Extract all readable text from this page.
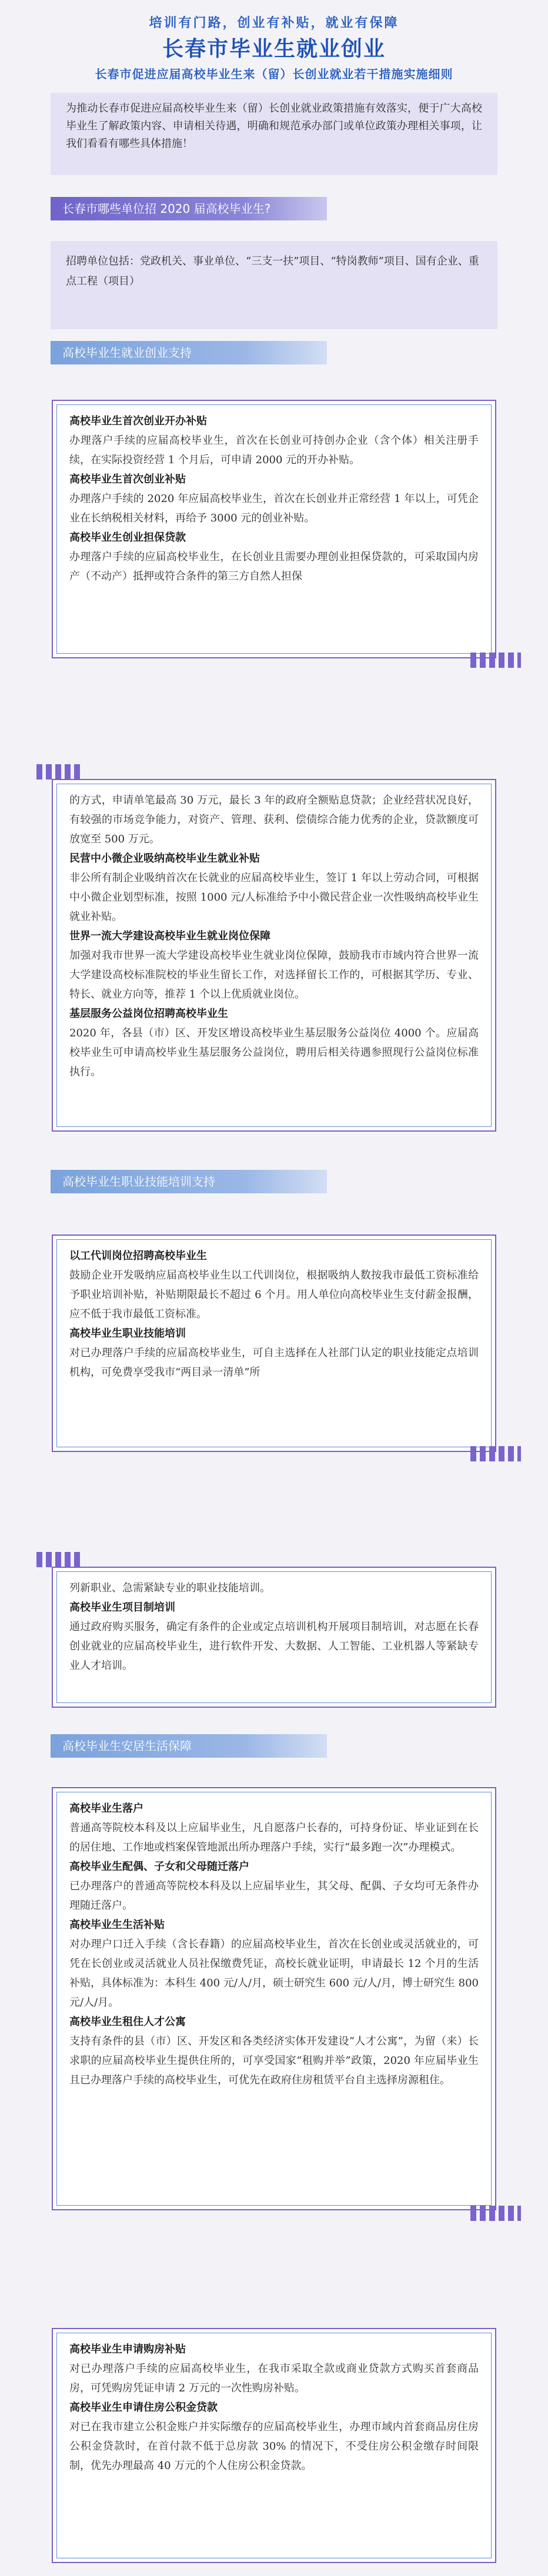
培训有门路，创业有补贴，就业有保障
长春市毕业生就业创业
长春市促进应届高校毕业生来（留）长创业就业若干措施实施细则
为推动长春市促进应届高校毕业生来（留）长创业就业政策措施有效落实，便于广大高校毕业生了解政策内容、申请相关待遇，明确和规范承办部门或单位政策办理相关事项，让我们看看有哪些具体措施！
长春市哪些单位招 2020 届高校毕业生?
招聘单位包括：党政机关、事业单位、“三支一扶”项目、“特岗教师”项目、国有企业、重点工程（项目）
高校毕业生就业创业支持
高校毕业生首次创业开办补贴
办理落户手续的应届高校毕业生，首次在长创业可持创办企业（含个体）相关注册手续，在实际投资经营 1 个月后，可申请 2000 元的开办补贴。
高校毕业生首次创业补贴
办理落户手续的 2020 年应届高校毕业生，首次在长创业并正常经营 1 年以上，可凭企业在长纳税相关材料，再给予 3000 元的创业补贴。
高校毕业生创业担保贷款
办理落户手续的应届高校毕业生，在长创业且需要办理创业担保贷款的，可采取国内房产（不动产）抵押或符合条件的第三方自然人担保
的方式，申请单笔最高 30 万元，最长 3 年的政府全额贴息贷款；企业经营状况良好，有较强的市场竞争能力，对资产、管理、获利、偿债综合能力优秀的企业，贷款额度可放宽至 500 万元。
民营中小微企业吸纳高校毕业生就业补贴
非公所有制企业吸纳首次在长就业的应届高校毕业生，签订 1 年以上劳动合同，可根据中小微企业划型标准，按照 1000 元/人标准给予中小微民营企业一次性吸纳高校毕业生就业补贴。
世界一流大学建设高校毕业生就业岗位保障
加强对我市世界一流大学建设高校毕业生就业岗位保障，鼓励我市市域内符合世界一流大学建设高校标准院校的毕业生留长工作，对选择留长工作的，可根据其学历、专业、特长、就业方向等，推荐 1 个以上优质就业岗位。
基层服务公益岗位招聘高校毕业生
2020 年，各县（市）区、开发区增设高校毕业生基层服务公益岗位 4000 个。应届高校毕业生可申请高校毕业生基层服务公益岗位，聘用后相关待遇参照现行公益岗位标准执行。
高校毕业生职业技能培训支持
以工代训岗位招聘高校毕业生
鼓励企业开发吸纳应届高校毕业生以工代训岗位，根据吸纳人数按我市最低工资标准给予职业培训补贴，补贴期限最长不超过 6 个月。用人单位向高校毕业生支付薪金报酬，应不低于我市最低工资标准。
高校毕业生职业技能培训
对已办理落户手续的应届高校毕业生，可自主选择在人社部门认定的职业技能定点培训机构，可免费享受我市“两目录一清单”所
列新职业、急需紧缺专业的职业技能培训。
高校毕业生项目制培训
通过政府购买服务，确定有条件的企业或定点培训机构开展项目制培训，对志愿在长春创业就业的应届高校毕业生，进行软件开发、大数据、人工智能、工业机器人等紧缺专业人才培训。
高校毕业生安居生活保障
高校毕业生落户
普通高等院校本科及以上应届毕业生，凡自愿落户长春的，可持身份证、毕业证到在长的居住地、工作地或档案保管地派出所办理落户手续，实行“最多跑一次”办理模式。
高校毕业生配偶、子女和父母随迁落户
已办理落户的普通高等院校本科及以上应届毕业生，其父母、配偶、子女均可无条件办理随迁落户。
高校毕业生生活补贴
对办理户口迁入手续（含长春籍）的应届高校毕业生，首次在长创业或灵活就业的，可凭在长创业或灵活就业人员社保缴费凭证，高校长就业证明，申请最长 12 个月的生活补贴，具体标准为：本科生 400 元/人/月，硕士研究生 600 元/人/月，博士研究生 800 元/人/月。
高校毕业生租住人才公寓
支持有条件的县（市）区、开发区和各类经济实体开发建设“人才公寓”，为留（来）长求职的应届高校毕业生提供住所的，可享受国家“租购并举”政策，2020 年应届毕业生且已办理落户手续的高校毕业生，可优先在政府住房租赁平台自主选择房源租住。
高校毕业生申请购房补贴
对已办理落户手续的应届高校毕业生，在我市采取全款或商业贷款方式购买首套商品房，可凭购房凭证申请 2 万元的一次性购房补贴。
高校毕业生申请住房公积金贷款
对已在我市建立公积金账户并实际缴存的应届高校毕业生，办理市域内首套商品房住房公积金贷款时，在首付款不低于总房款 30% 的情况下，不受住房公积金缴存时间限制，优先办理最高 40 万元的个人住房公积金贷款。
